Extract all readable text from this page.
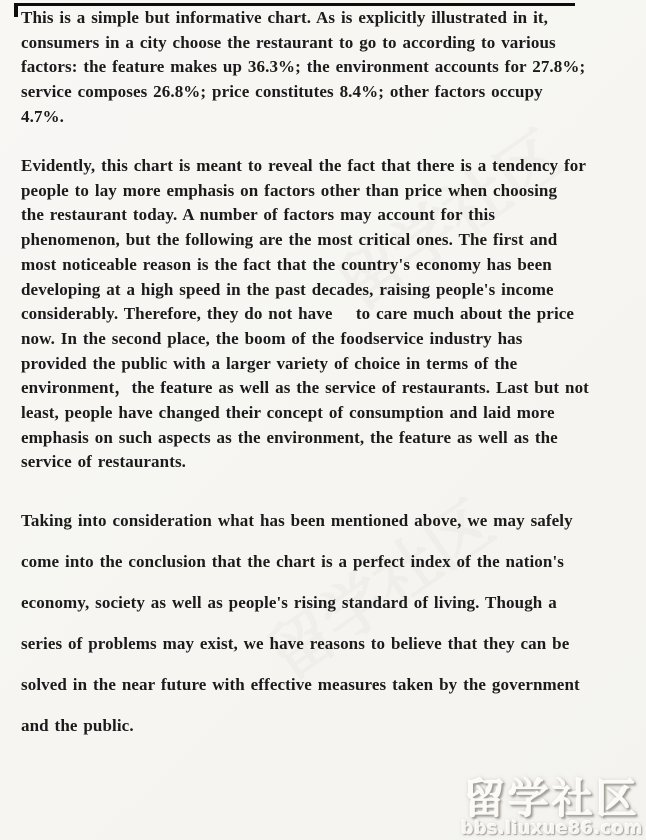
This is a simple but informative chart. As is explicitly illustrated in it,
consumers in a city choose the restaurant to go to according to various
factors: the feature makes up 36.3%; the environment accounts for 27.8%;
service composes 26.8%; price constitutes 8.4%; other factors occupy
4.7%.
Evidently, this chart is meant to reveal the fact that there is a tendency for
people to lay more emphasis on factors other than price when choosing
the restaurant today. A number of factors may account for this
phenomenon, but the following are the most critical ones. The first and
most noticeable reason is the fact that the country's economy has been
developing at a high speed in the past decades, raising people's income
considerably. Therefore, they do not have    to care much about the price
now. In the second place, the boom of the foodservice industry has
provided the public with a larger variety of choice in terms of the
environment，the feature as well as the service of restaurants. Last but not
least, people have changed their concept of consumption and laid more
emphasis on such aspects as the environment, the feature as well as the
service of restaurants.
Taking into consideration what has been mentioned above, we may safely
come into the conclusion that the chart is a perfect index of the nation's
economy, society as well as people's rising standard of living. Though a
series of problems may exist, we have reasons to believe that they can be
solved in the near future with effective measures taken by the government
and the public.
留学社区
bbs.liuxue86.com
